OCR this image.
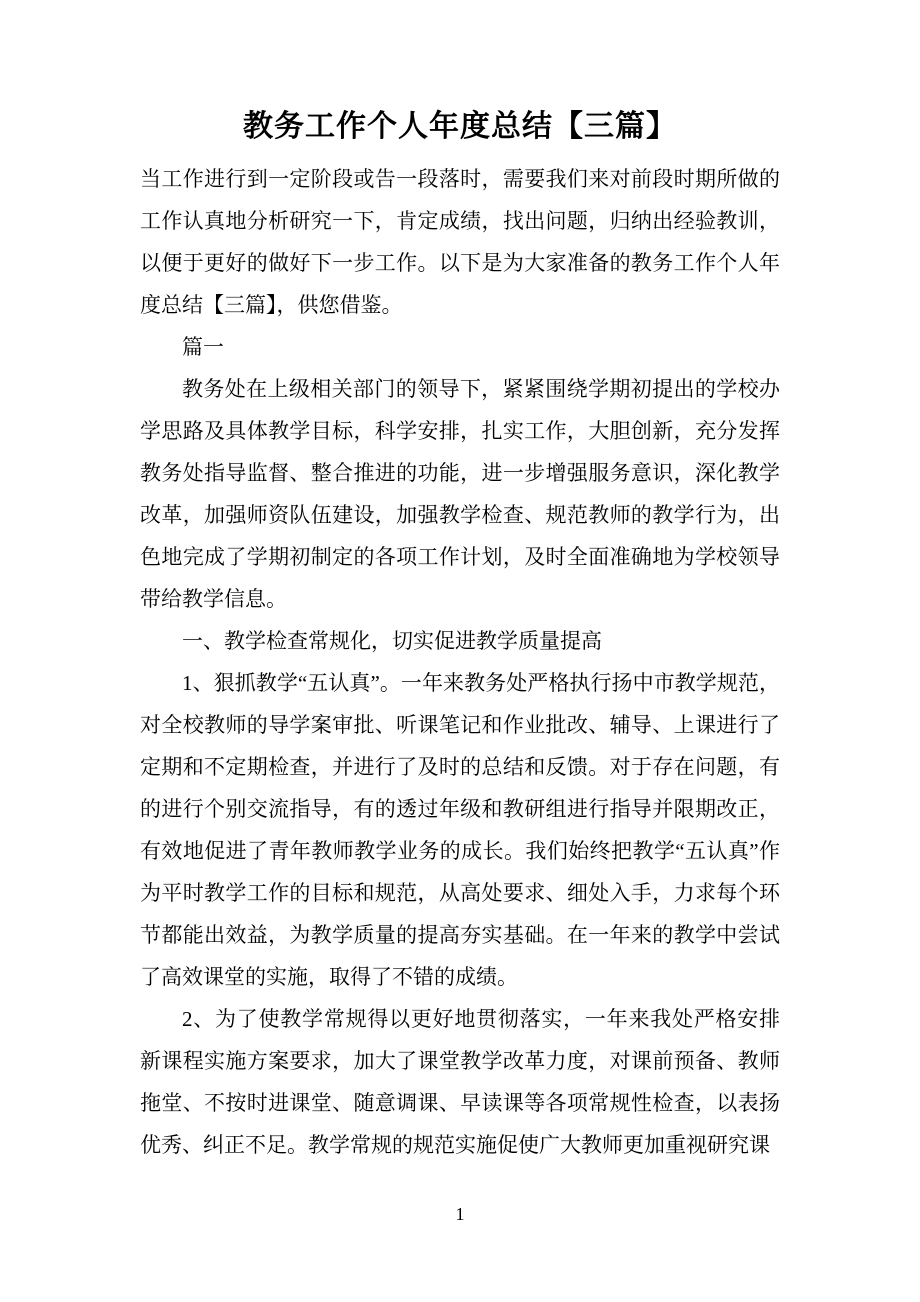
教务工作个人年度总结【三篇】

当工作进行到一定阶段或告一段落时，需要我们来对前段时期所做的工作认真地分析研究一下，肯定成绩，找出问题，归纳出经验教训，以便于更好的做好下一步工作。以下是为大家准备的教务工作个人年度总结【三篇】，供您借鉴。

篇一

教务处在上级相关部门的领导下，紧紧围绕学期初提出的学校办学思路及具体教学目标，科学安排，扎实工作，大胆创新，充分发挥教务处指导监督、整合推进的功能，进一步增强服务意识，深化教学改革，加强师资队伍建设，加强教学检查、规范教师的教学行为，出色地完成了学期初制定的各项工作计划，及时全面准确地为学校领导带给教学信息。

一、教学检查常规化，切实促进教学质量提高

1、狠抓教学“五认真”。一年来教务处严格执行扬中市教学规范，对全校教师的导学案审批、听课笔记和作业批改、辅导、上课进行了定期和不定期检查，并进行了及时的总结和反馈。对于存在问题，有的进行个别交流指导，有的透过年级和教研组进行指导并限期改正，有效地促进了青年教师教学业务的成长。我们始终把教学“五认真”作为平时教学工作的目标和规范，从高处要求、细处入手，力求每个环节都能出效益，为教学质量的提高夯实基础。在一年来的教学中尝试了高效课堂的实施，取得了不错的成绩。

2、为了使教学常规得以更好地贯彻落实，一年来我处严格安排新课程实施方案要求，加大了课堂教学改革力度，对课前预备、教师拖堂、不按时进课堂、随意调课、早读课等各项常规性检查，以表扬优秀、纠正不足。教学常规的规范实施促使广大教师更加重视研究课

1
